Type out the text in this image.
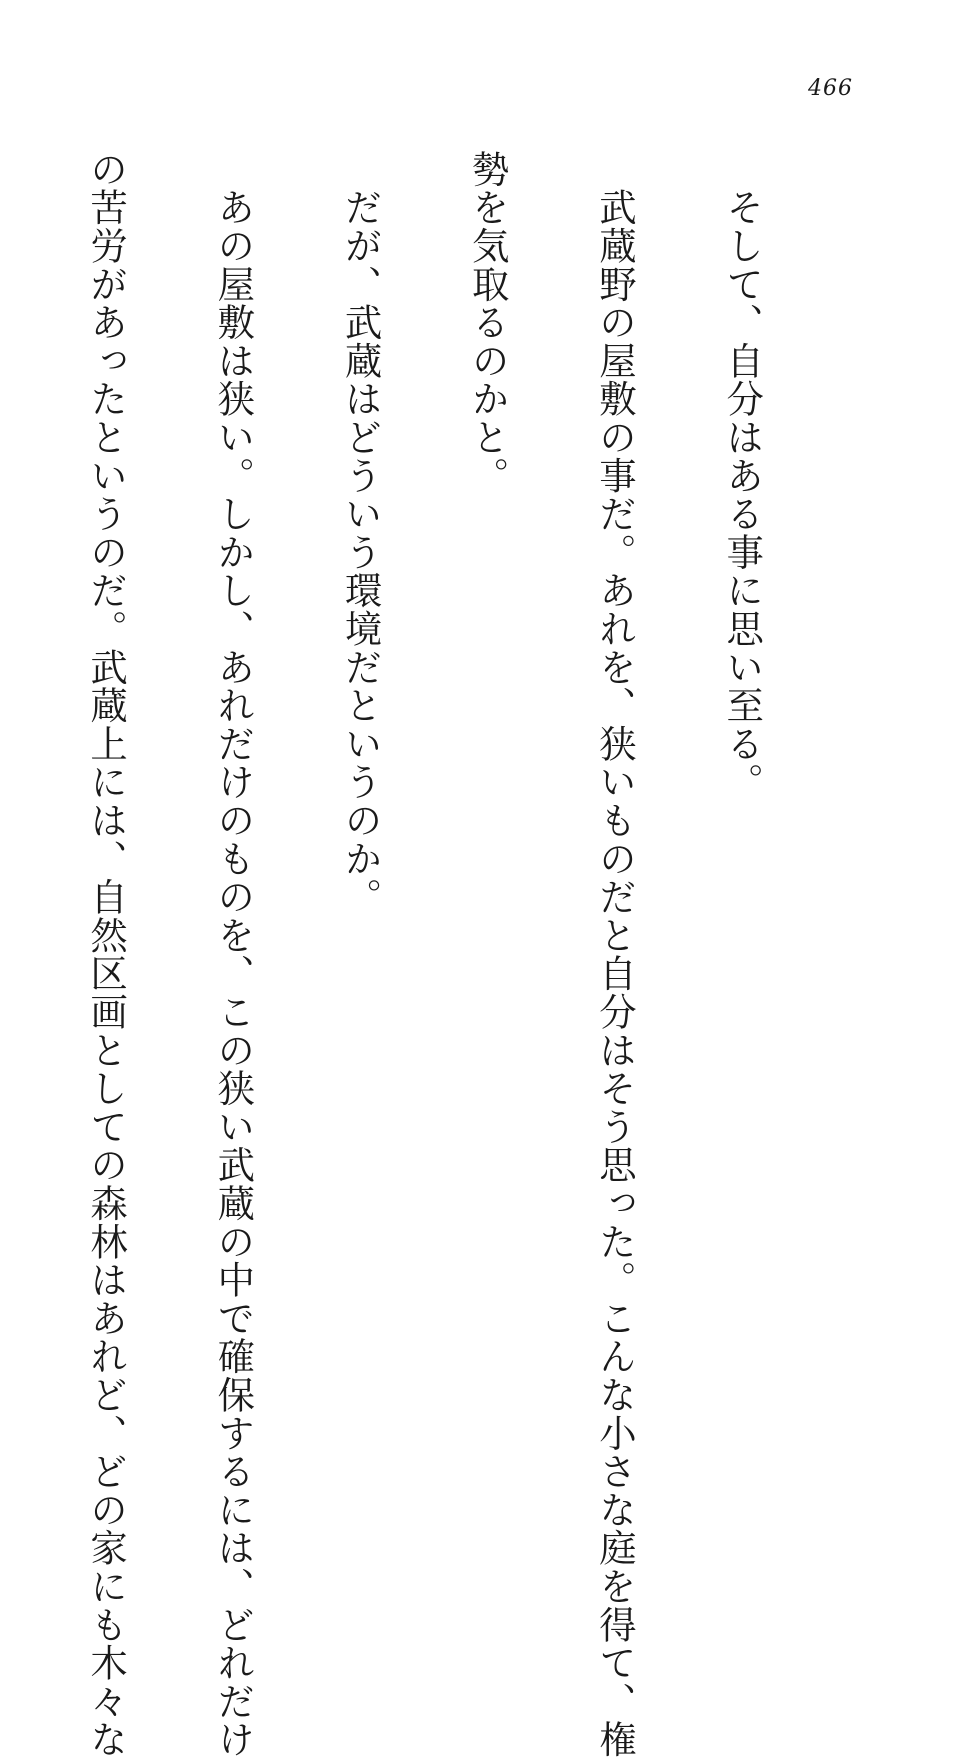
466

　そして、自分はある事に思い至る。

　武蔵野の屋敷の事だ。あれを、狭いものだと自分はそう思った。こんな小さな庭を得て、権

勢を気取るのかと。

　だが、武蔵はどういう環境だというのか。

　あの屋敷は狭い。しかし、あれだけのものを、この狭い武蔵の中で確保するには、どれだけ

の苦労があったというのだ。武蔵上には、自然区画としての森林はあれど、どの家にも木々な
